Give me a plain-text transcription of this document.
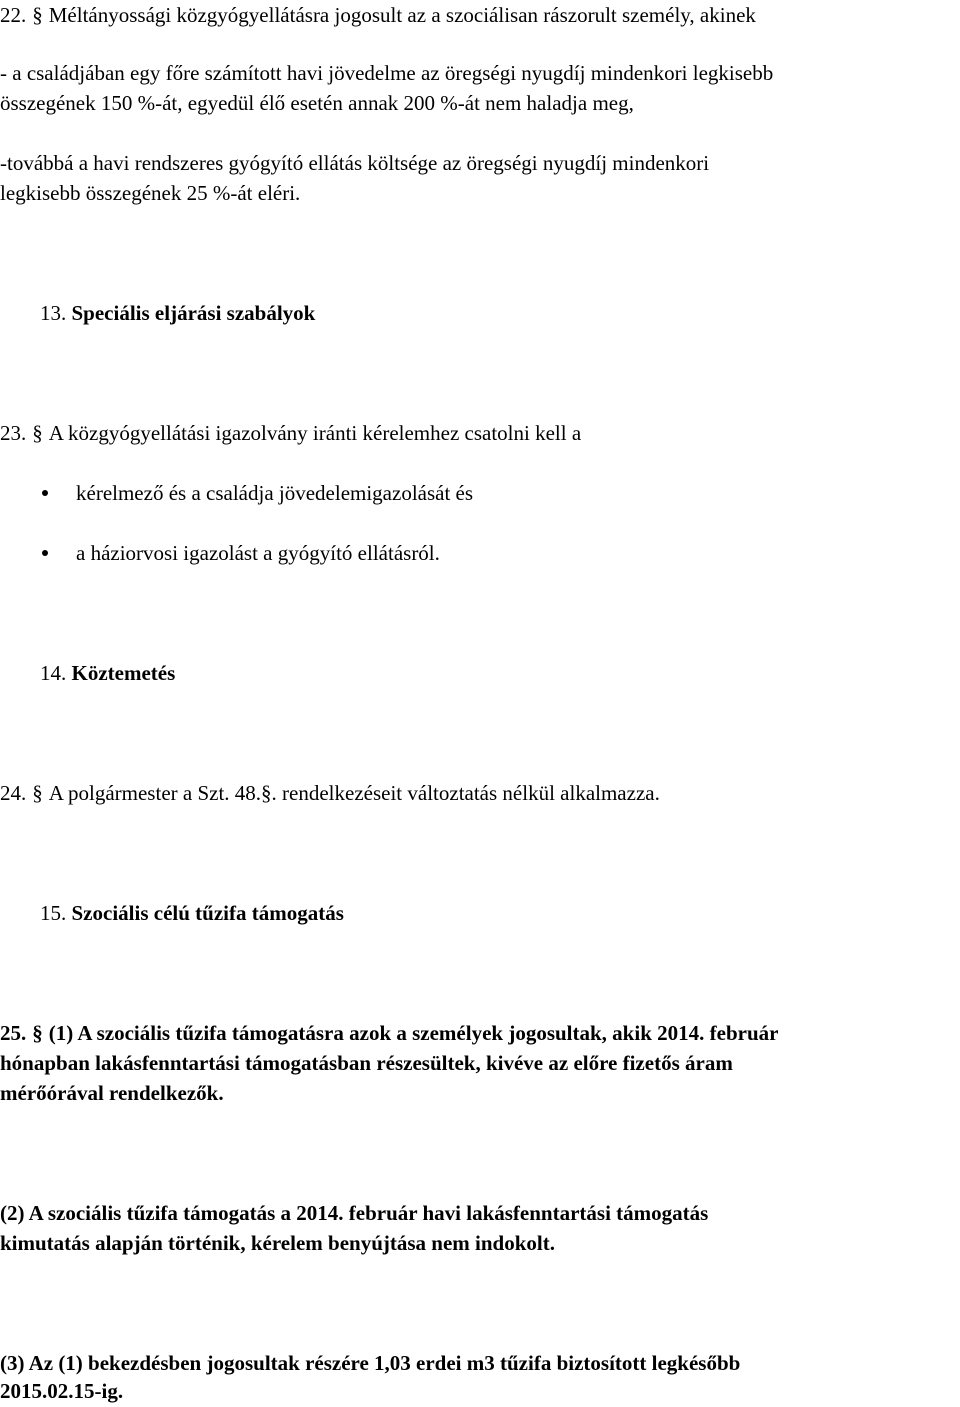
22. § Méltányossági közgyógyellátásra jogosult az a szociálisan rászorult személy, akinek
- a családjában egy főre számított havi jövedelme az öregségi nyugdíj mindenkori legkisebb
összegének 150 %-át, egyedül élő esetén annak 200 %-át nem haladja meg,
-továbbá a havi rendszeres gyógyító ellátás költsége az öregségi nyugdíj mindenkori
legkisebb összegének 25 %-át eléri.
13. Speciális eljárási szabályok
23. § A közgyógyellátási igazolvány iránti kérelemhez csatolni kell a
kérelmező és a családja jövedelemigazolását és
a háziorvosi igazolást a gyógyító ellátásról.
14. Köztemetés
24. § A polgármester a Szt. 48.§. rendelkezéseit változtatás nélkül alkalmazza.
15. Szociális célú tűzifa támogatás
25. § (1) A szociális tűzifa támogatásra azok a személyek jogosultak, akik 2014. február
hónapban lakásfenntartási támogatásban részesültek, kivéve az előre fizetős áram
mérőórával rendelkezők.
(2) A szociális tűzifa támogatás a 2014. február havi lakásfenntartási támogatás
kimutatás alapján történik, kérelem benyújtása nem indokolt.
(3) Az (1) bekezdésben jogosultak részére 1,03 erdei m3 tűzifa biztosított legkésőbb
2015.02.15-ig.
